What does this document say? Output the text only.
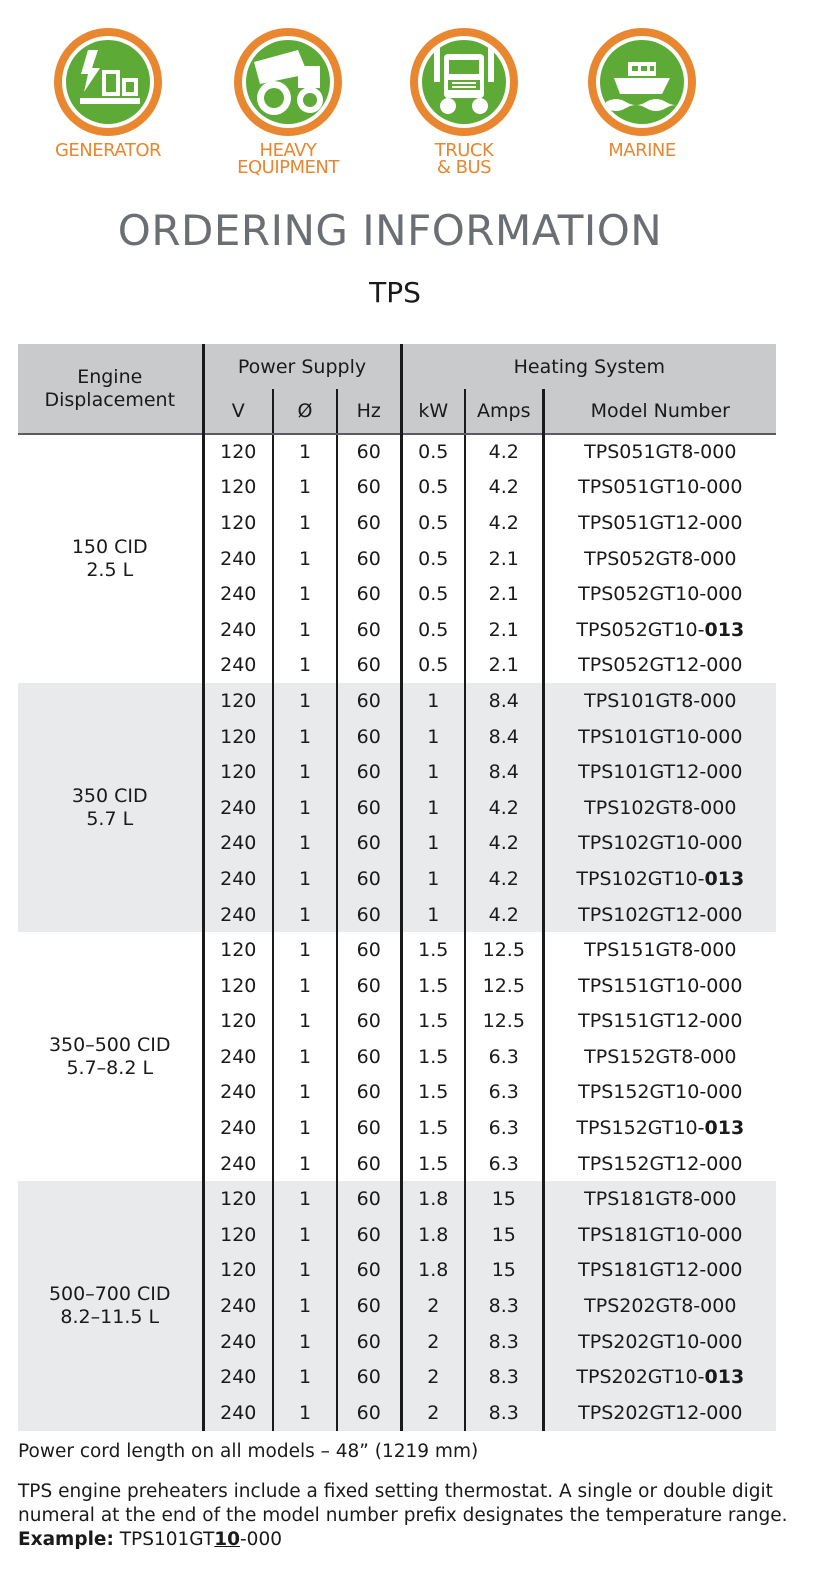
GENERATOR	HEAVY
EQUIPMENT
TRUCK
& BUS
MARINE
ORDERING INFORMATION
TPS
Engine
Displacement	Power Supply			Heating System		
	V	Ø	Hz	kW	Amps	Model Number
150 CID
2.5 L	120	1	60	0.5	4.2	TPS051GT8-000
	120	1	60	0.5	4.2	TPS051GT10-000
	120	1	60	0.5	4.2	TPS051GT12-000
	240	1	60	0.5	2.1	TPS052GT8-000
	240	1	60	0.5	2.1	TPS052GT10-000
	240	1	60	0.5	2.1	TPS052GT10-013
	240	1	60	0.5	2.1	TPS052GT12-000
350 CID
5.7 L	120	1	60	1	8.4	TPS101GT8-000
	120	1	60	1	8.4	TPS101GT10-000
	120	1	60	1	8.4	TPS101GT12-000
	240	1	60	1	4.2	TPS102GT8-000
	240	1	60	1	4.2	TPS102GT10-000
	240	1	60	1	4.2	TPS102GT10-013
	240	1	60	1	4.2	TPS102GT12-000
350–500 CID
5.7–8.2 L	120	1	60	1.5	12.5	TPS151GT8-000
	120	1	60	1.5	12.5	TPS151GT10-000
	120	1	60	1.5	12.5	TPS151GT12-000
	240	1	60	1.5	6.3	TPS152GT8-000
	240	1	60	1.5	6.3	TPS152GT10-000
	240	1	60	1.5	6.3	TPS152GT10-013
	240	1	60	1.5	6.3	TPS152GT12-000
500–700 CID
8.2–11.5 L	120	1	60	1.8	15	TPS181GT8-000
	120	1	60	1.8	15	TPS181GT10-000
	120	1	60	1.8	15	TPS181GT12-000
	240	1	60	2	8.3	TPS202GT8-000
	240	1	60	2	8.3	TPS202GT10-000
	240	1	60	2	8.3	TPS202GT10-013
	240	1	60	2	8.3	TPS202GT12-000
Power cord length on all models – 48” (1219 mm)
TPS engine preheaters include a fixed setting thermostat. A single or double digit numeral at the end of the model number prefix designates the temperature range.
Example: TPS101GT10-000
